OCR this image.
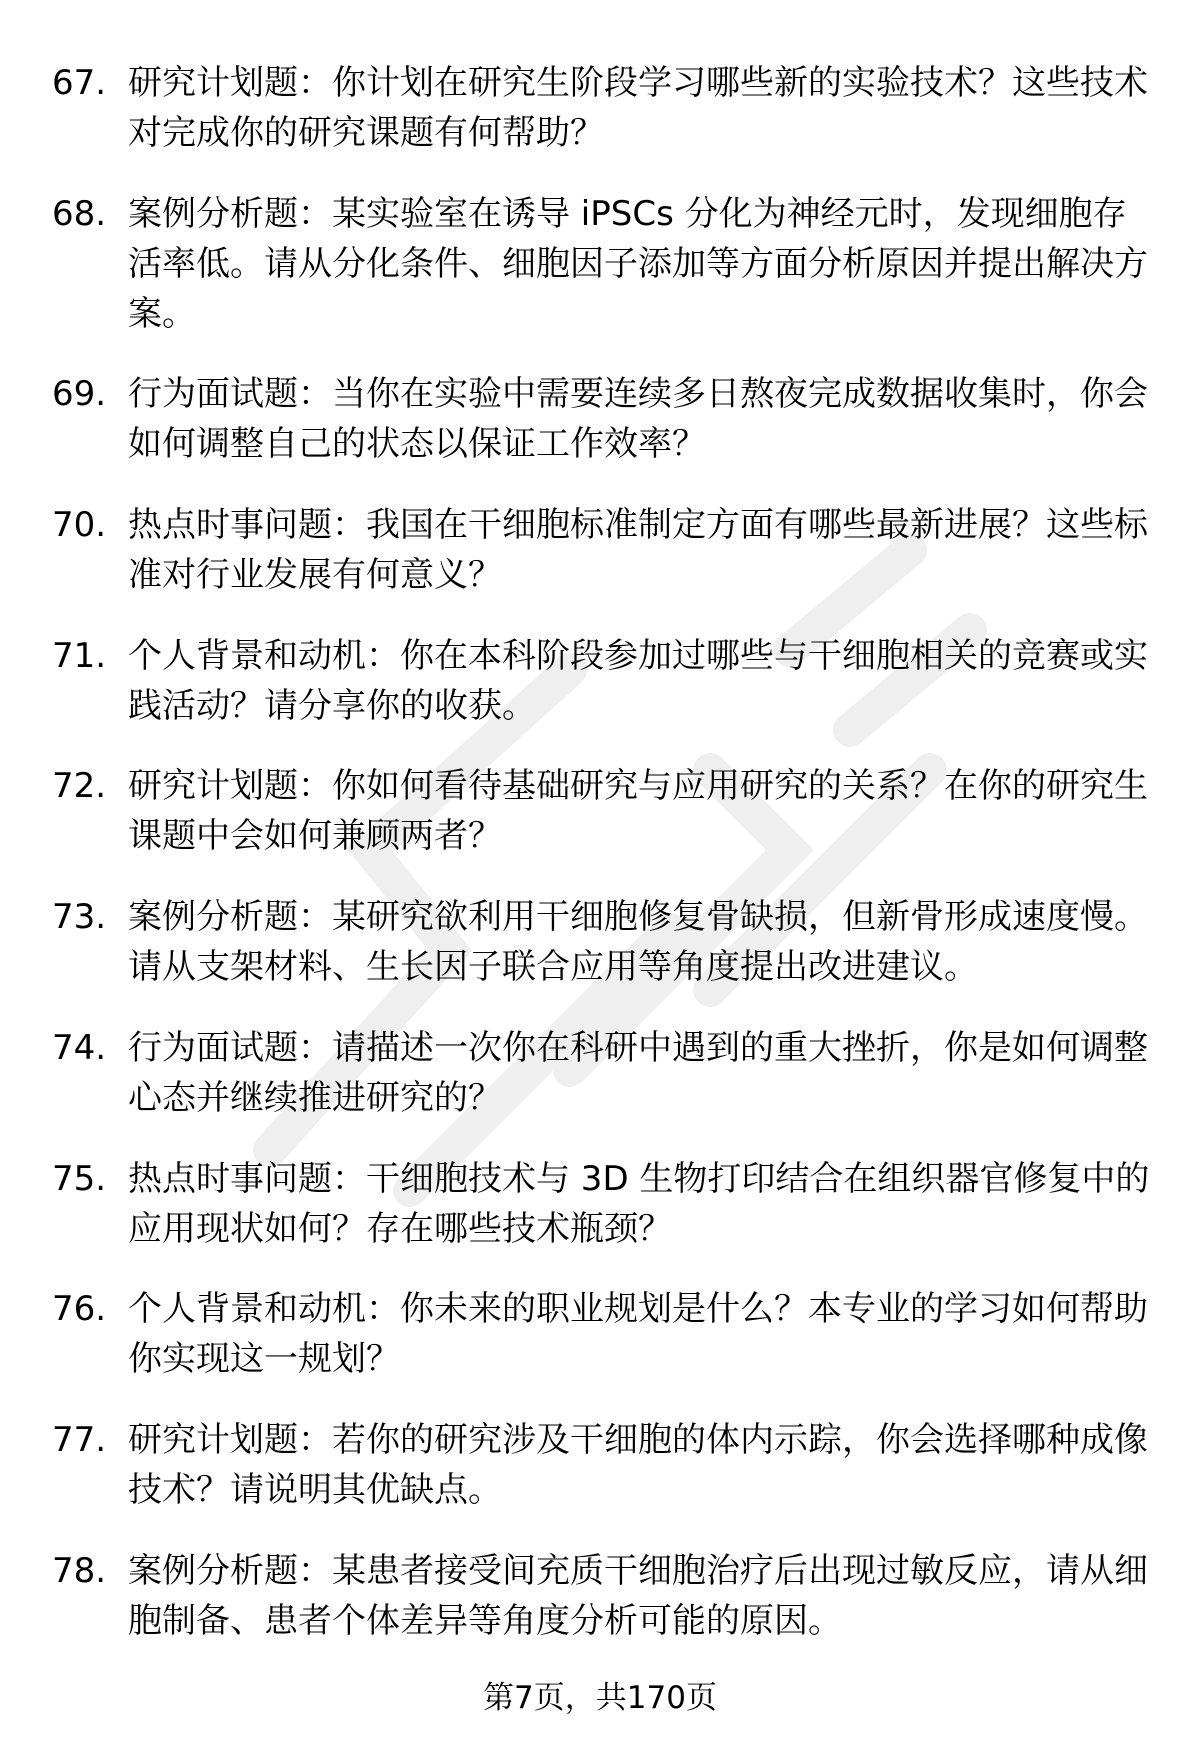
67. 研究计划题：你计划在研究生阶段学习哪些新的实验技术？这些技术对完成你的研究课题有何帮助？
68. 案例分析题：某实验室在诱导 iPSCs 分化为神经元时，发现细胞存活率低。请从分化条件、细胞因子添加等方面分析原因并提出解决方案。
69. 行为面试题：当你在实验中需要连续多日熬夜完成数据收集时，你会如何调整自己的状态以保证工作效率？
70. 热点时事问题：我国在干细胞标准制定方面有哪些最新进展？这些标准对行业发展有何意义？
71. 个人背景和动机：你在本科阶段参加过哪些与干细胞相关的竞赛或实践活动？请分享你的收获。
72. 研究计划题：你如何看待基础研究与应用研究的关系？在你的研究生课题中会如何兼顾两者？
73. 案例分析题：某研究欲利用干细胞修复骨缺损，但新骨形成速度慢。请从支架材料、生长因子联合应用等角度提出改进建议。
74. 行为面试题：请描述一次你在科研中遇到的重大挫折，你是如何调整心态并继续推进研究的？
75. 热点时事问题：干细胞技术与 3D 生物打印结合在组织器官修复中的应用现状如何？存在哪些技术瓶颈？
76. 个人背景和动机：你未来的职业规划是什么？本专业的学习如何帮助你实现这一规划？
77. 研究计划题：若你的研究涉及干细胞的体内示踪，你会选择哪种成像技术？请说明其优缺点。
78. 案例分析题：某患者接受间充质干细胞治疗后出现过敏反应，请从细胞制备、患者个体差异等角度分析可能的原因。
第7页，共170页
